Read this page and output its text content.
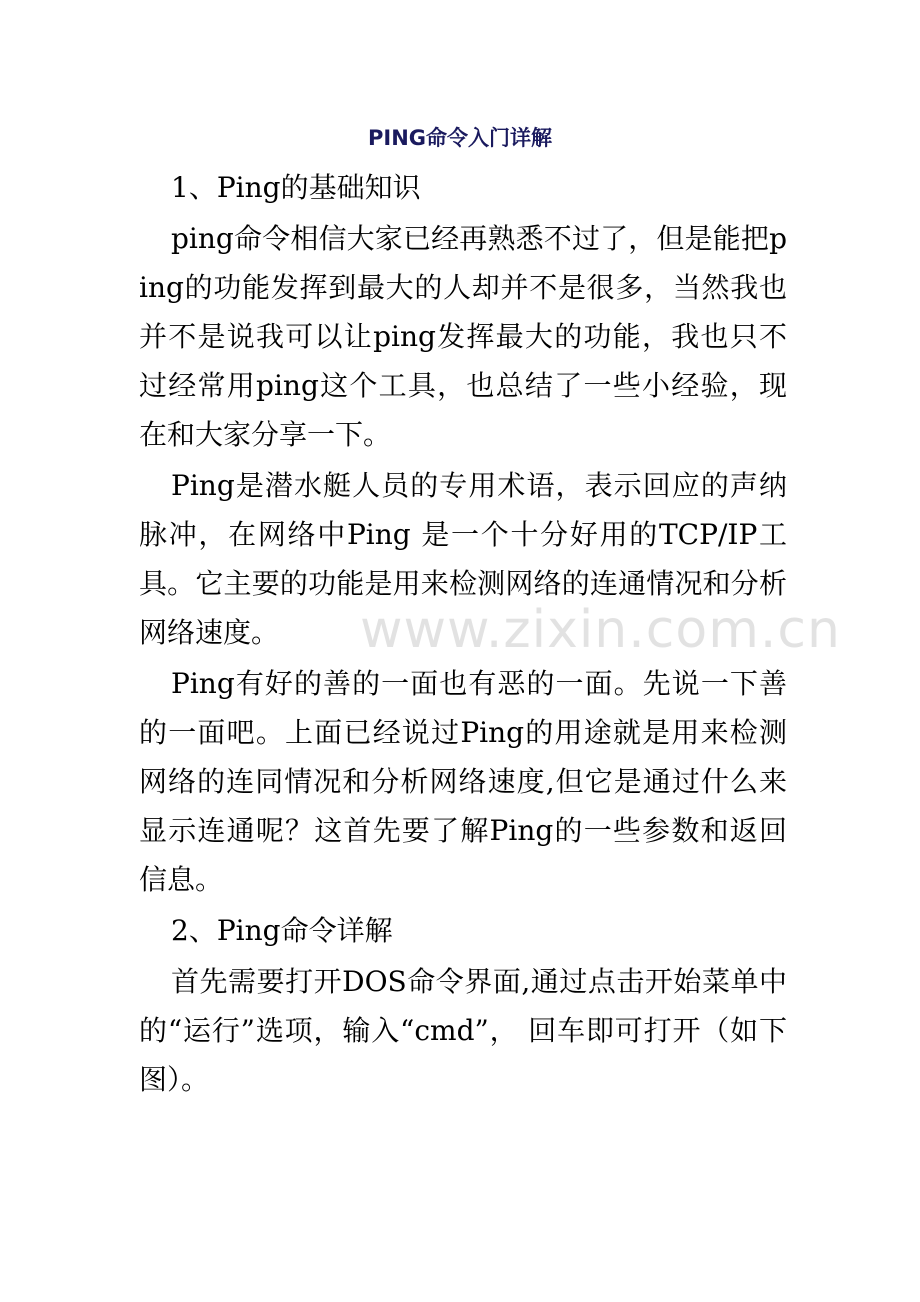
PING命令入门详解

1、Ping的基础知识

ping命令相信大家已经再熟悉不过了，但是能把ping的功能发挥到最大的人却并不是很多，当然我也并不是说我可以让ping发挥最大的功能，我也只不过经常用ping这个工具，也总结了一些小经验，现在和大家分享一下。

Ping是潜水艇人员的专用术语，表示回应的声纳脉冲，在网络中Ping 是一个十分好用的TCP/IP工具。它主要的功能是用来检测网络的连通情况和分析网络速度。

Ping有好的善的一面也有恶的一面。先说一下善的一面吧。上面已经说过Ping的用途就是用来检测网络的连同情况和分析网络速度,但它是通过什么来显示连通呢？这首先要了解Ping的一些参数和返回信息。

2、Ping命令详解

首先需要打开DOS命令界面,通过点击开始菜单中的“运行”选项，输入“cmd”， 回车即可打开（如下图）。

www.zixin.com.cn
